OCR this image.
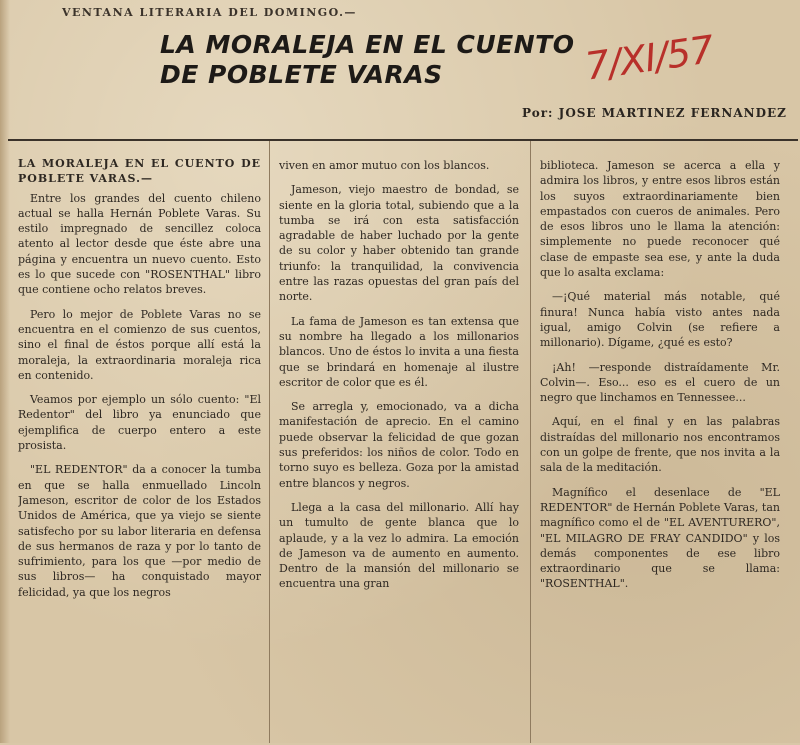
VENTANA LITERARIA DEL DOMINGO.—
LA MORALEJA EN EL CUENTO
DE POBLETE VARAS	7/XI/57
Por: JOSE MARTINEZ FERNANDEZ

LA MORALEJA EN EL CUENTO DE POBLETE VARAS.—

Entre los grandes del cuento chileno actual se halla Hernán Poblete Varas. Su estilo impregnado de sencillez coloca atento al lector desde que éste abre una página y encuentra un nuevo cuento. Esto es lo que sucede con "ROSENTHAL" libro que contiene ocho relatos breves.

Pero lo mejor de Poblete Varas no se encuentra en el comienzo de sus cuentos, sino el final de éstos porque allí está la moraleja, la extraordinaria moraleja rica en contenido.

Veamos por ejemplo un sólo cuento: "El Redentor" del libro ya enunciado que ejemplifica de cuerpo entero a este prosista.

"EL REDENTOR" da a conocer la tumba en que se halla enmuellado Lincoln Jameson, escritor de color de los Estados Unidos de América, que ya viejo se siente satisfecho por su labor literaria en defensa de sus hermanos de raza y por lo tanto de sufrimiento, para los que —por medio de sus libros— ha conquistado mayor felicidad, ya que los negros

viven en amor mutuo con los blancos.

Jameson, viejo maestro de bondad, se siente en la gloria total, subiendo que a la tumba se irá con esta satisfacción agradable de haber luchado por la gente de su color y haber obtenido tan grande triunfo: la tranquilidad, la convivencia entre las razas opuestas del gran país del norte.

La fama de Jameson es tan extensa que su nombre ha llegado a los millonarios blancos. Uno de éstos lo invita a una fiesta que se brindará en homenaje al ilustre escritor de color que es él.

Se arregla y, emocionado, va a dicha manifestación de aprecio. En el camino puede observar la felicidad de que gozan sus preferidos: los niños de color. Todo en torno suyo es belleza. Goza por la amistad entre blancos y negros.

Llega a la casa del millonario. Allí hay un tumulto de gente blanca que lo aplaude, y a la vez lo admira. La emoción de Jameson va de aumento en aumento. Dentro de la mansión del millonario se encuentra una gran

biblioteca. Jameson se acerca a ella y admira los libros, y entre esos libros están los suyos extraordinariamente bien empastados con cueros de animales. Pero de esos libros uno le llama la atención: simplemente no puede reconocer qué clase de empaste sea ese, y ante la duda que lo asalta exclama:

—¡Qué material más notable, qué finura! Nunca había visto antes nada igual, amigo Colvin (se refiere a millonario). Dígame, ¿qué es esto?

¡Ah! —responde distraídamente Mr. Colvin—. Eso... eso es el cuero de un negro que linchamos en Tennessee...

Aquí, en el final y en las palabras distraídas del millonario nos encontramos con un golpe de frente, que nos invita a la sala de la meditación.

Magnífico el desenlace de "EL REDENTOR" de Hernán Poblete Varas, tan magnífico como el de "EL AVENTURERO", "EL MILAGRO DE FRAY CANDIDO" y los demás componentes de ese libro extraordinario que se llama: "ROSENTHAL".
